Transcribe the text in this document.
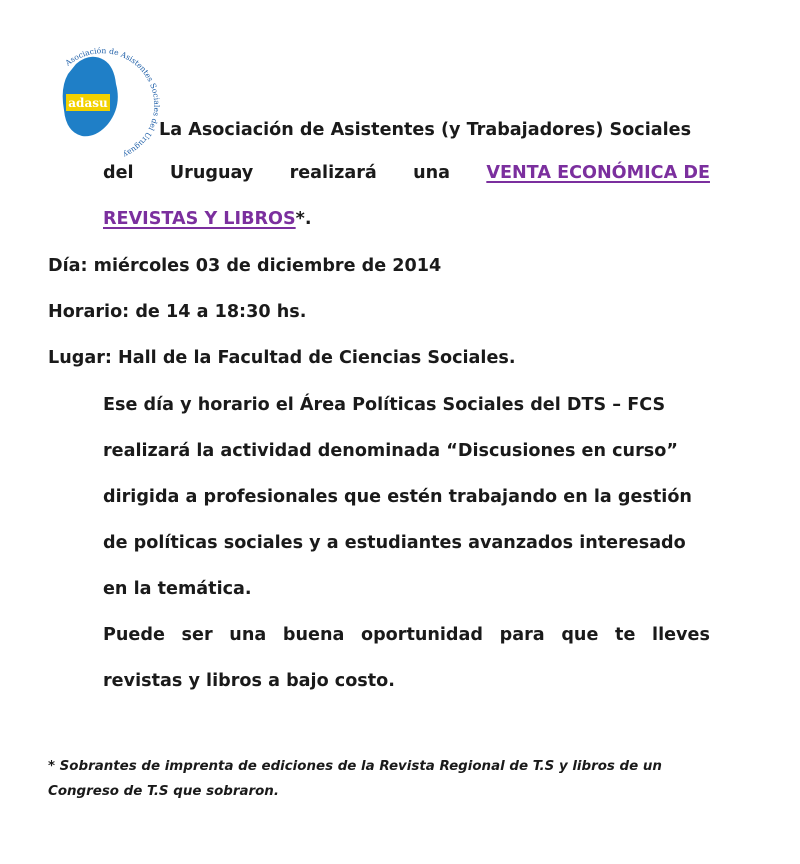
adasu
Asociación de Asistentes Sociales del Uruguay
La Asociación de Asistentes (y Trabajadores) Sociales
del Uruguay realizará una VENTA ECONÓMICA DE
REVISTAS Y LIBROS*.
Día: miércoles 03 de diciembre de 2014
Horario: de 14 a 18:30 hs.
Lugar: Hall de la Facultad de Ciencias Sociales.
Ese día y horario el Área Políticas Sociales del DTS – FCS
realizará la actividad denominada “Discusiones en curso”
dirigida a profesionales que estén trabajando en la gestión
de políticas sociales y a estudiantes avanzados interesado
en la temática.
Puede ser una buena oportunidad para que te lleves
revistas y libros a bajo costo.
* Sobrantes de imprenta de ediciones de la Revista Regional de T.S y libros de un
Congreso de T.S que sobraron.
